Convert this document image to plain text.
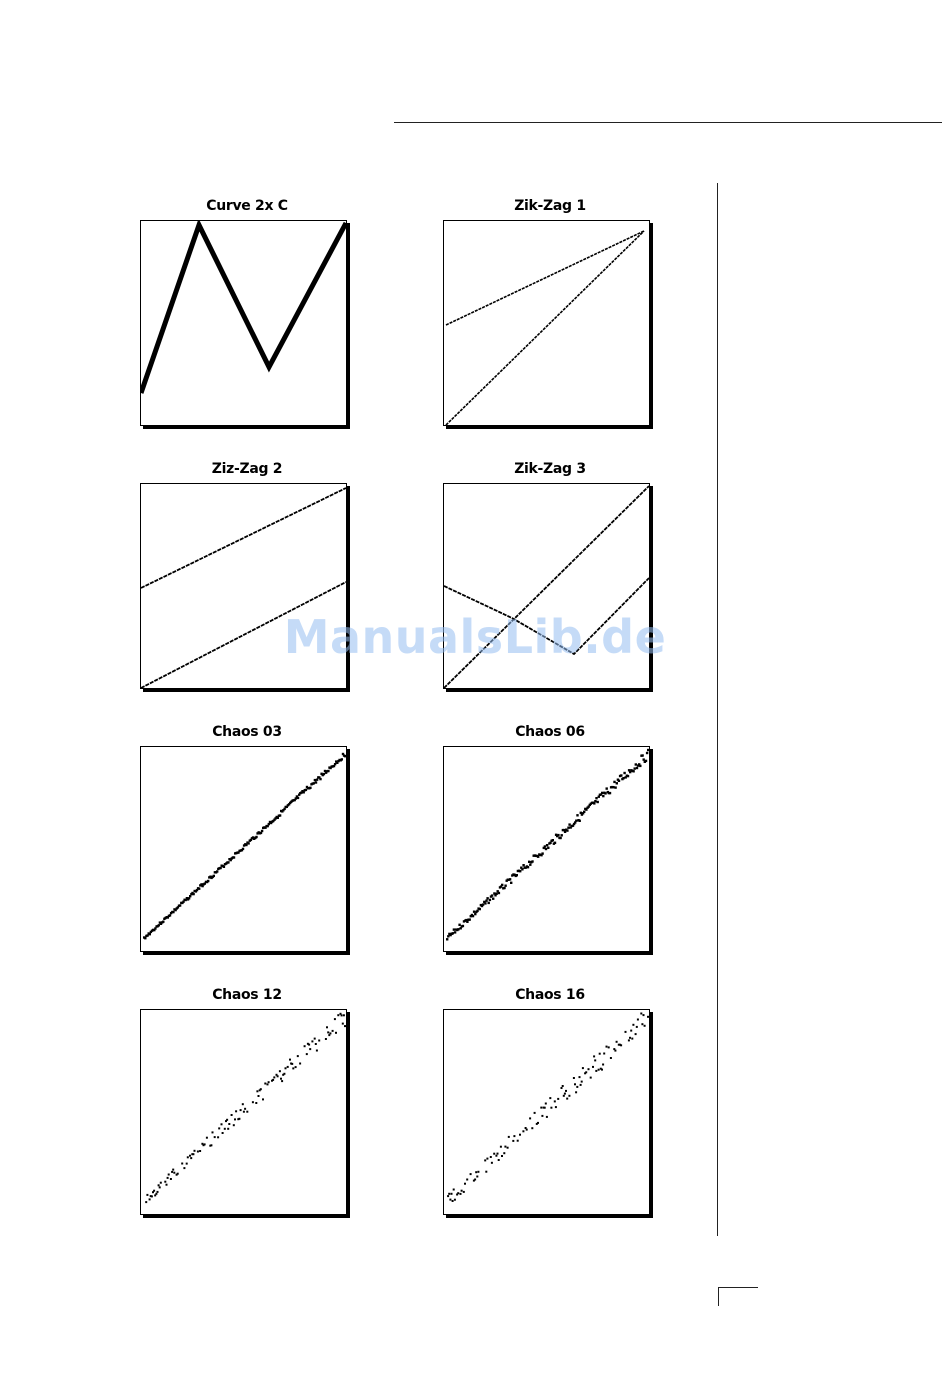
Curve 2x C	Zik-Zag 1
Ziz-Zag 2	Zik-Zag 3
Chaos 03	Chaos 06
Chaos 12	Chaos 16
ManualsLib.de
